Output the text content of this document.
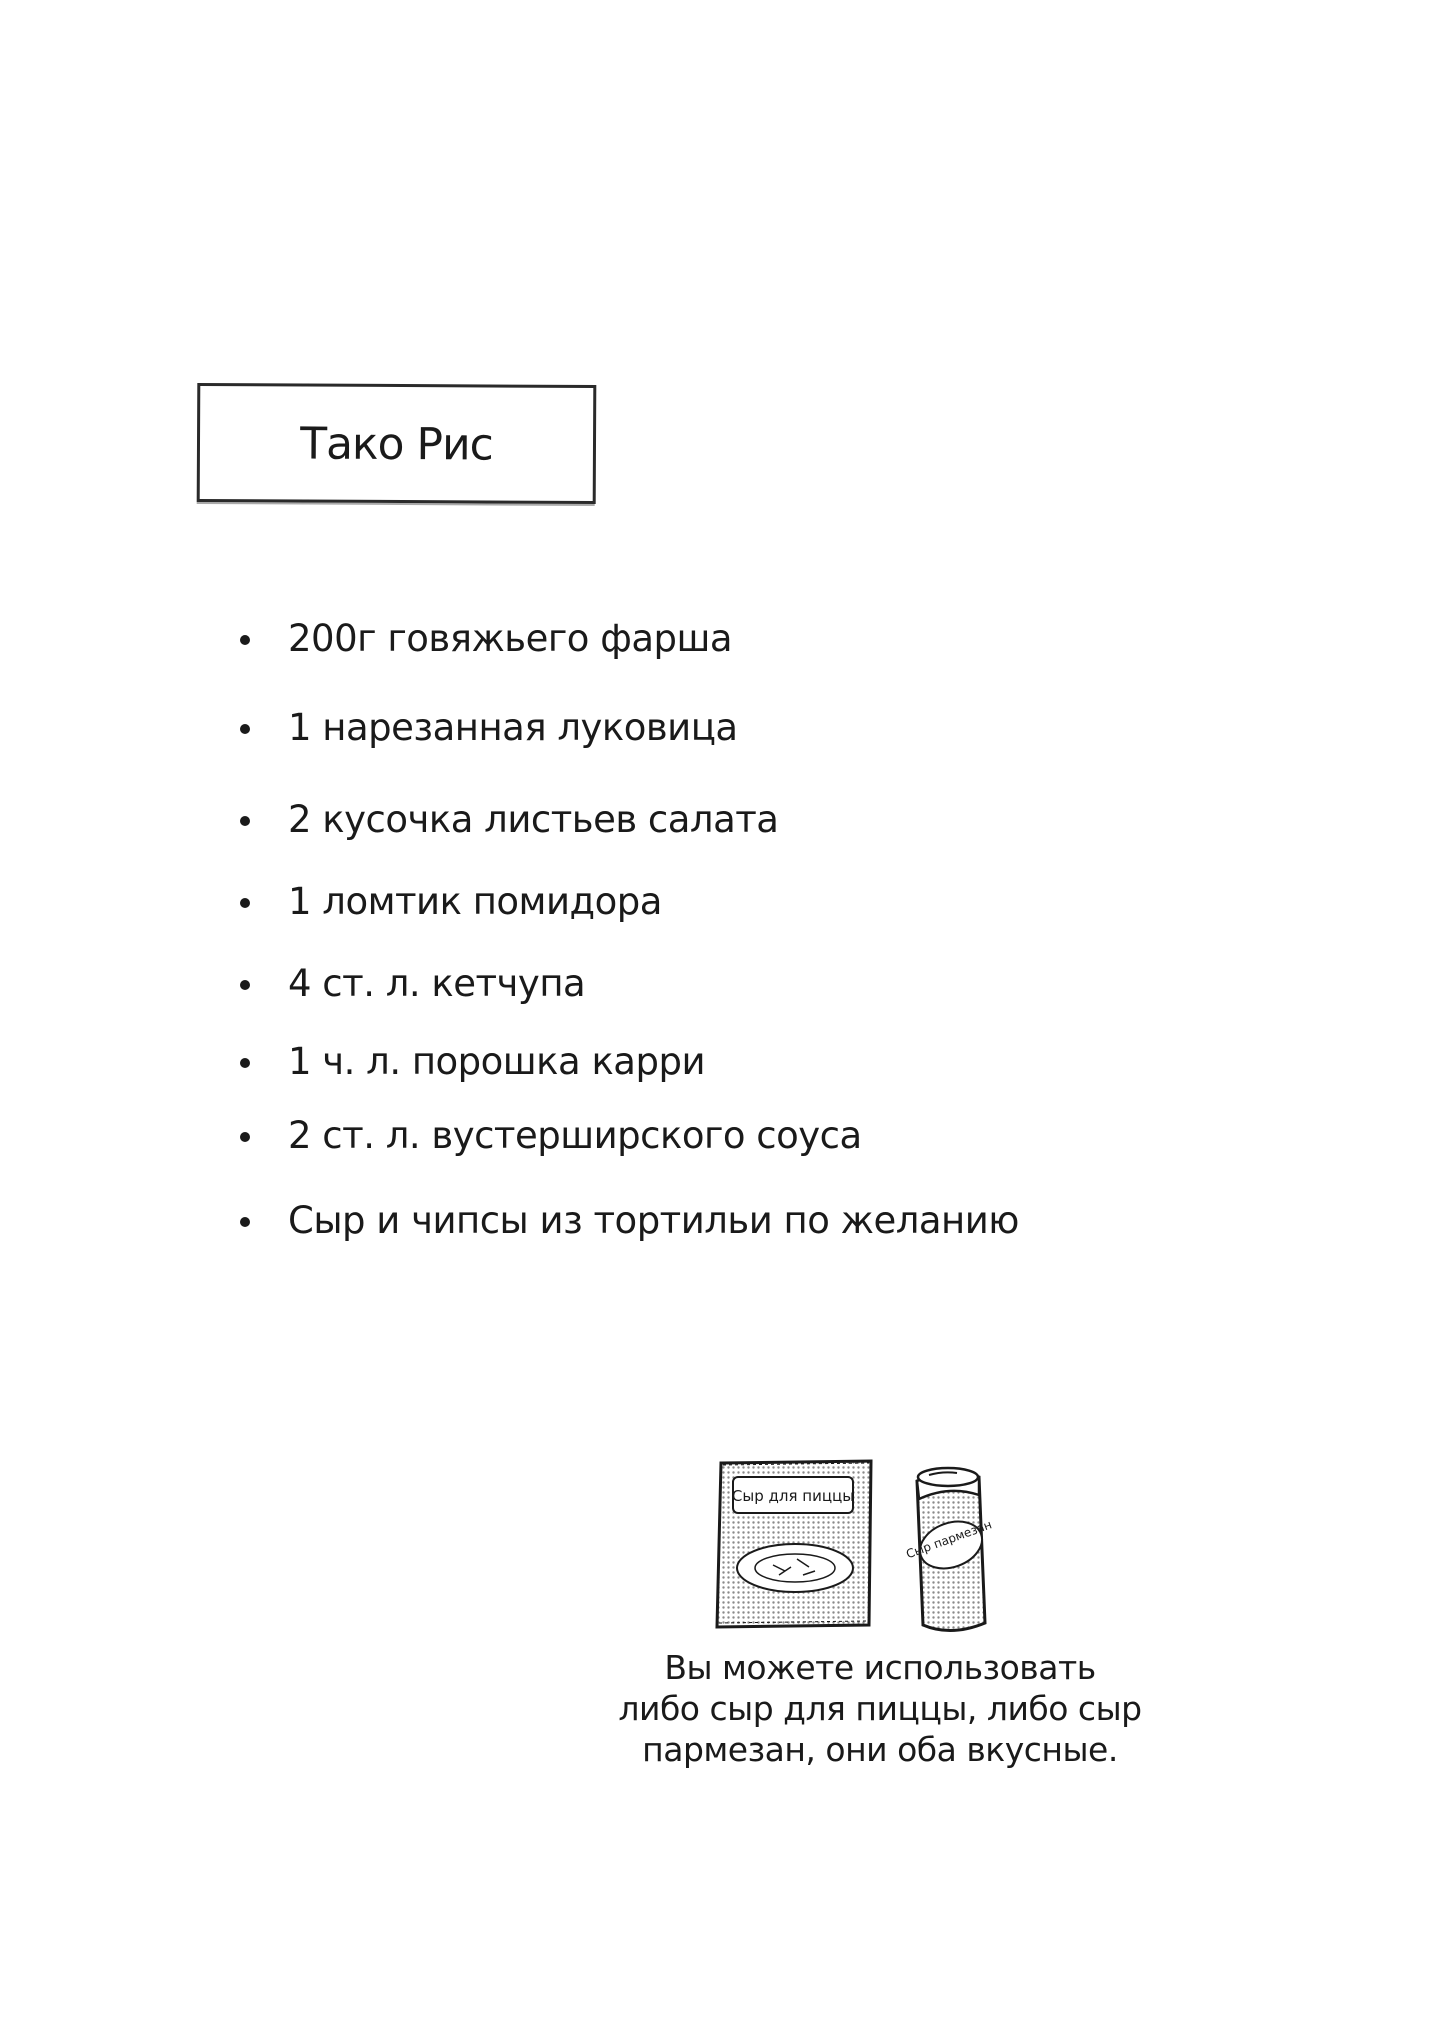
Тако Рис
200г говяжьего фарша
1 нарезанная луковица
2 кусочка листьев салата
1 ломтик помидора
4 ст. л. кетчупа
1 ч. л. порошка карри
2 ст. л. вустерширского соуса
Сыр и чипсы из тортильи по желанию
Сыр для пиццы
Сыр пармезан

Вы можете использовать
либо сыр для пиццы, либо сыр
пармезан, они оба вкусные.
